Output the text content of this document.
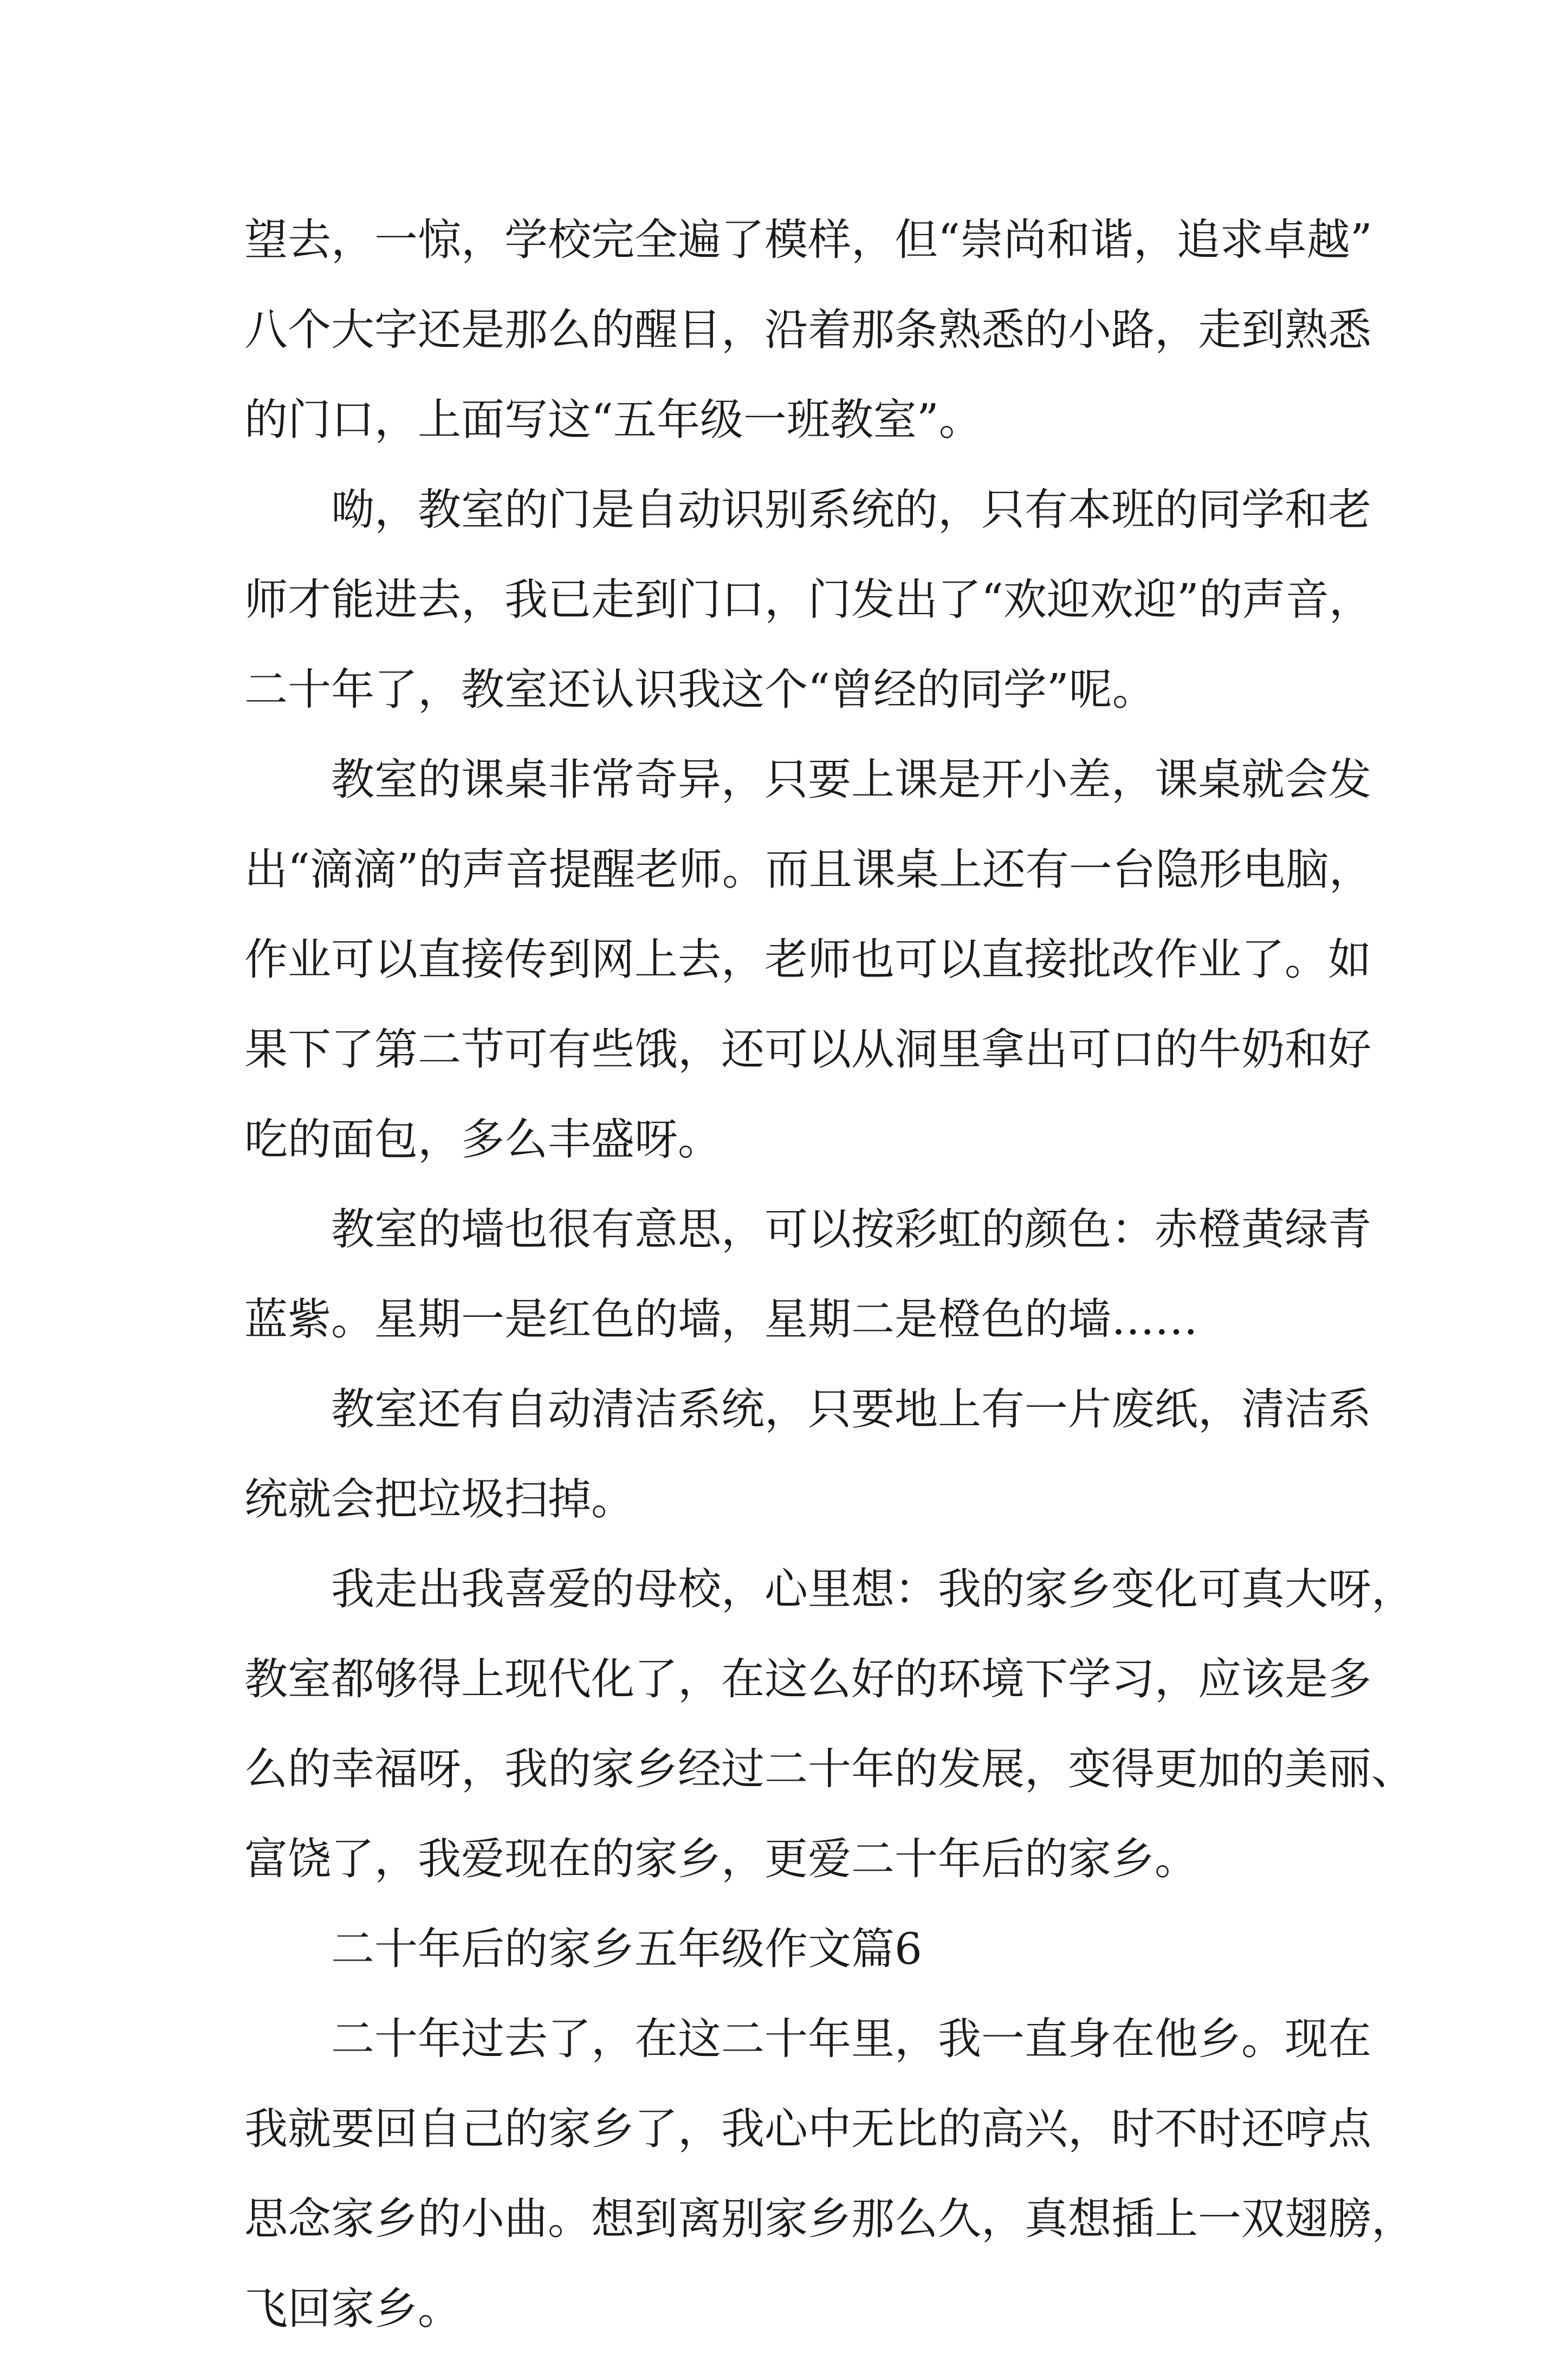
望去，一惊，学校完全遍了模样，但“崇尚和谐，追求卓越”
八个大字还是那么的醒目，沿着那条熟悉的小路，走到熟悉
的门口，上面写这“五年级一班教室”。
呦，教室的门是自动识别系统的，只有本班的同学和老
师才能进去，我已走到门口，门发出了“欢迎欢迎”的声音，
二十年了，教室还认识我这个“曾经的同学”呢。
教室的课桌非常奇异，只要上课是开小差，课桌就会发
出“滴滴”的声音提醒老师。而且课桌上还有一台隐形电脑，
作业可以直接传到网上去，老师也可以直接批改作业了。如
果下了第二节可有些饿，还可以从洞里拿出可口的牛奶和好
吃的面包，多么丰盛呀。
教室的墙也很有意思，可以按彩虹的颜色：赤橙黄绿青
蓝紫。星期一是红色的墙，星期二是橙色的墙……
教室还有自动清洁系统，只要地上有一片废纸，清洁系
统就会把垃圾扫掉。
我走出我喜爱的母校，心里想：我的家乡变化可真大呀，
教室都够得上现代化了，在这么好的环境下学习，应该是多
么的幸福呀，我的家乡经过二十年的发展，变得更加的美丽、
富饶了，我爱现在的家乡，更爱二十年后的家乡。
二十年后的家乡五年级作文篇6
二十年过去了，在这二十年里，我一直身在他乡。现在
我就要回自己的家乡了，我心中无比的高兴，时不时还哼点
思念家乡的小曲。想到离别家乡那么久，真想插上一双翅膀，
飞回家乡。
